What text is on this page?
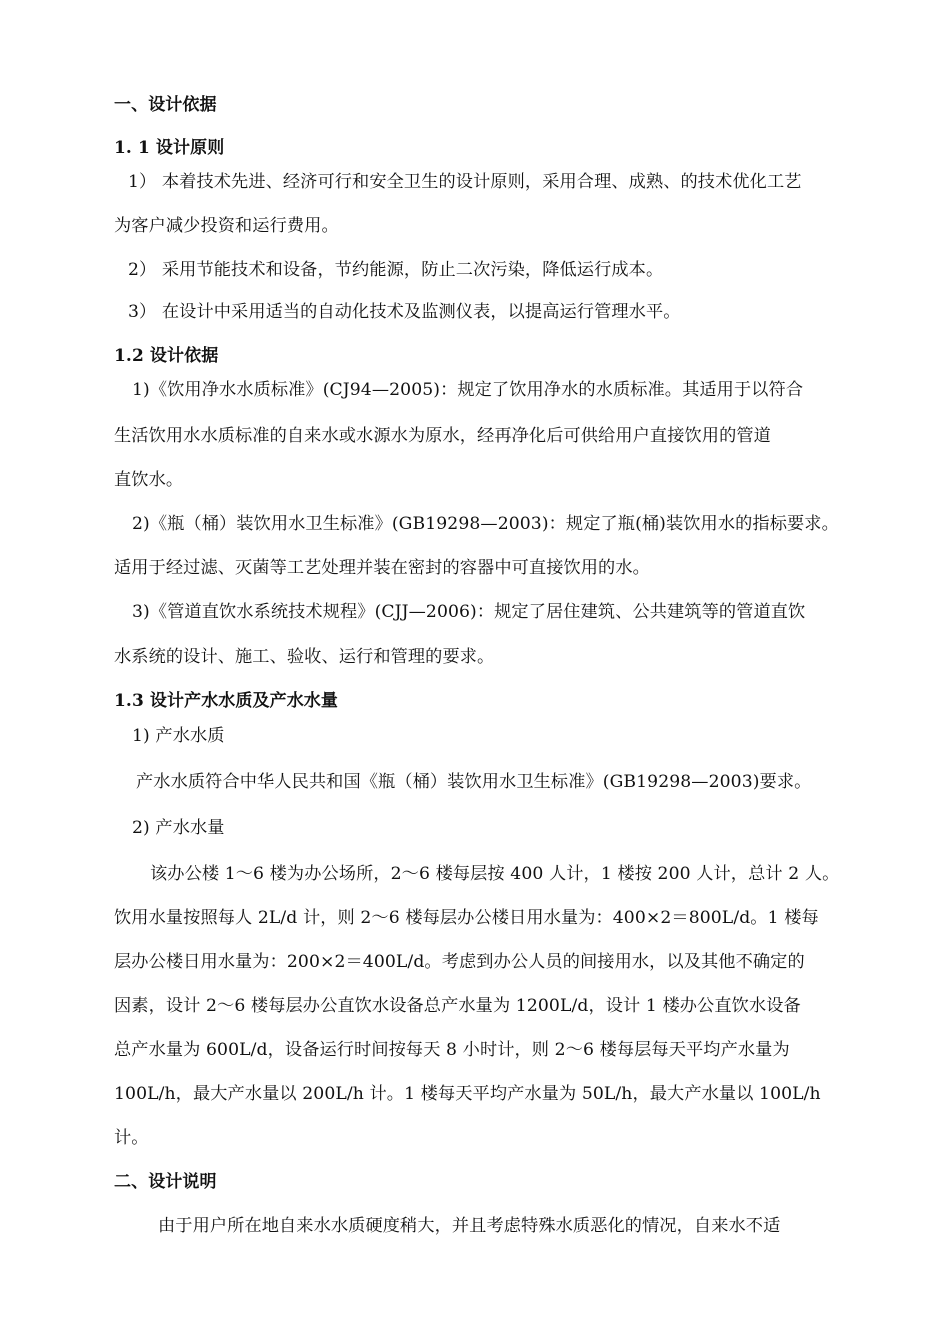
一、设计依据
1. 1 设计原则
1） 本着技术先进、经济可行和安全卫生的设计原则，采用合理、成熟、的技术优化工艺
为客户减少投资和运行费用。
2） 采用节能技术和设备，节约能源，防止二次污染，降低运行成本。
3） 在设计中采用适当的自动化技术及监测仪表，以提高运行管理水平。
1.2 设计依据
1)《饮用净水水质标准》(CJ94—2005)：规定了饮用净水的水质标准。其适用于以符合
生活饮用水水质标准的自来水或水源水为原水，经再净化后可供给用户直接饮用的管道
直饮水。
2)《瓶（桶）装饮用水卫生标准》(GB19298—2003)：规定了瓶(桶)装饮用水的指标要求。
适用于经过滤、灭菌等工艺处理并装在密封的容器中可直接饮用的水。
3)《管道直饮水系统技术规程》(CJJ—2006)：规定了居住建筑、公共建筑等的管道直饮
水系统的设计、施工、验收、运行和管理的要求。
1.3 设计产水水质及产水水量
1) 产水水质
产水水质符合中华人民共和国《瓶（桶）装饮用水卫生标准》(GB19298—2003)要求。
2) 产水水量
该办公楼 1～6 楼为办公场所，2～6 楼每层按 400 人计，1 楼按 200 人计，总计 2 人。
饮用水量按照每人 2L/d 计，则 2～6 楼每层办公楼日用水量为：400×2＝800L/d。1 楼每
层办公楼日用水量为：200×2＝400L/d。考虑到办公人员的间接用水，以及其他不确定的
因素，设计 2～6 楼每层办公直饮水设备总产水量为 1200L/d，设计 1 楼办公直饮水设备
总产水量为 600L/d，设备运行时间按每天 8 小时计，则 2～6 楼每层每天平均产水量为
100L/h，最大产水量以 200L/h 计。1 楼每天平均产水量为 50L/h，最大产水量以 100L/h
计。
二、设计说明
由于用户所在地自来水水质硬度稍大，并且考虑特殊水质恶化的情况，自来水不适
